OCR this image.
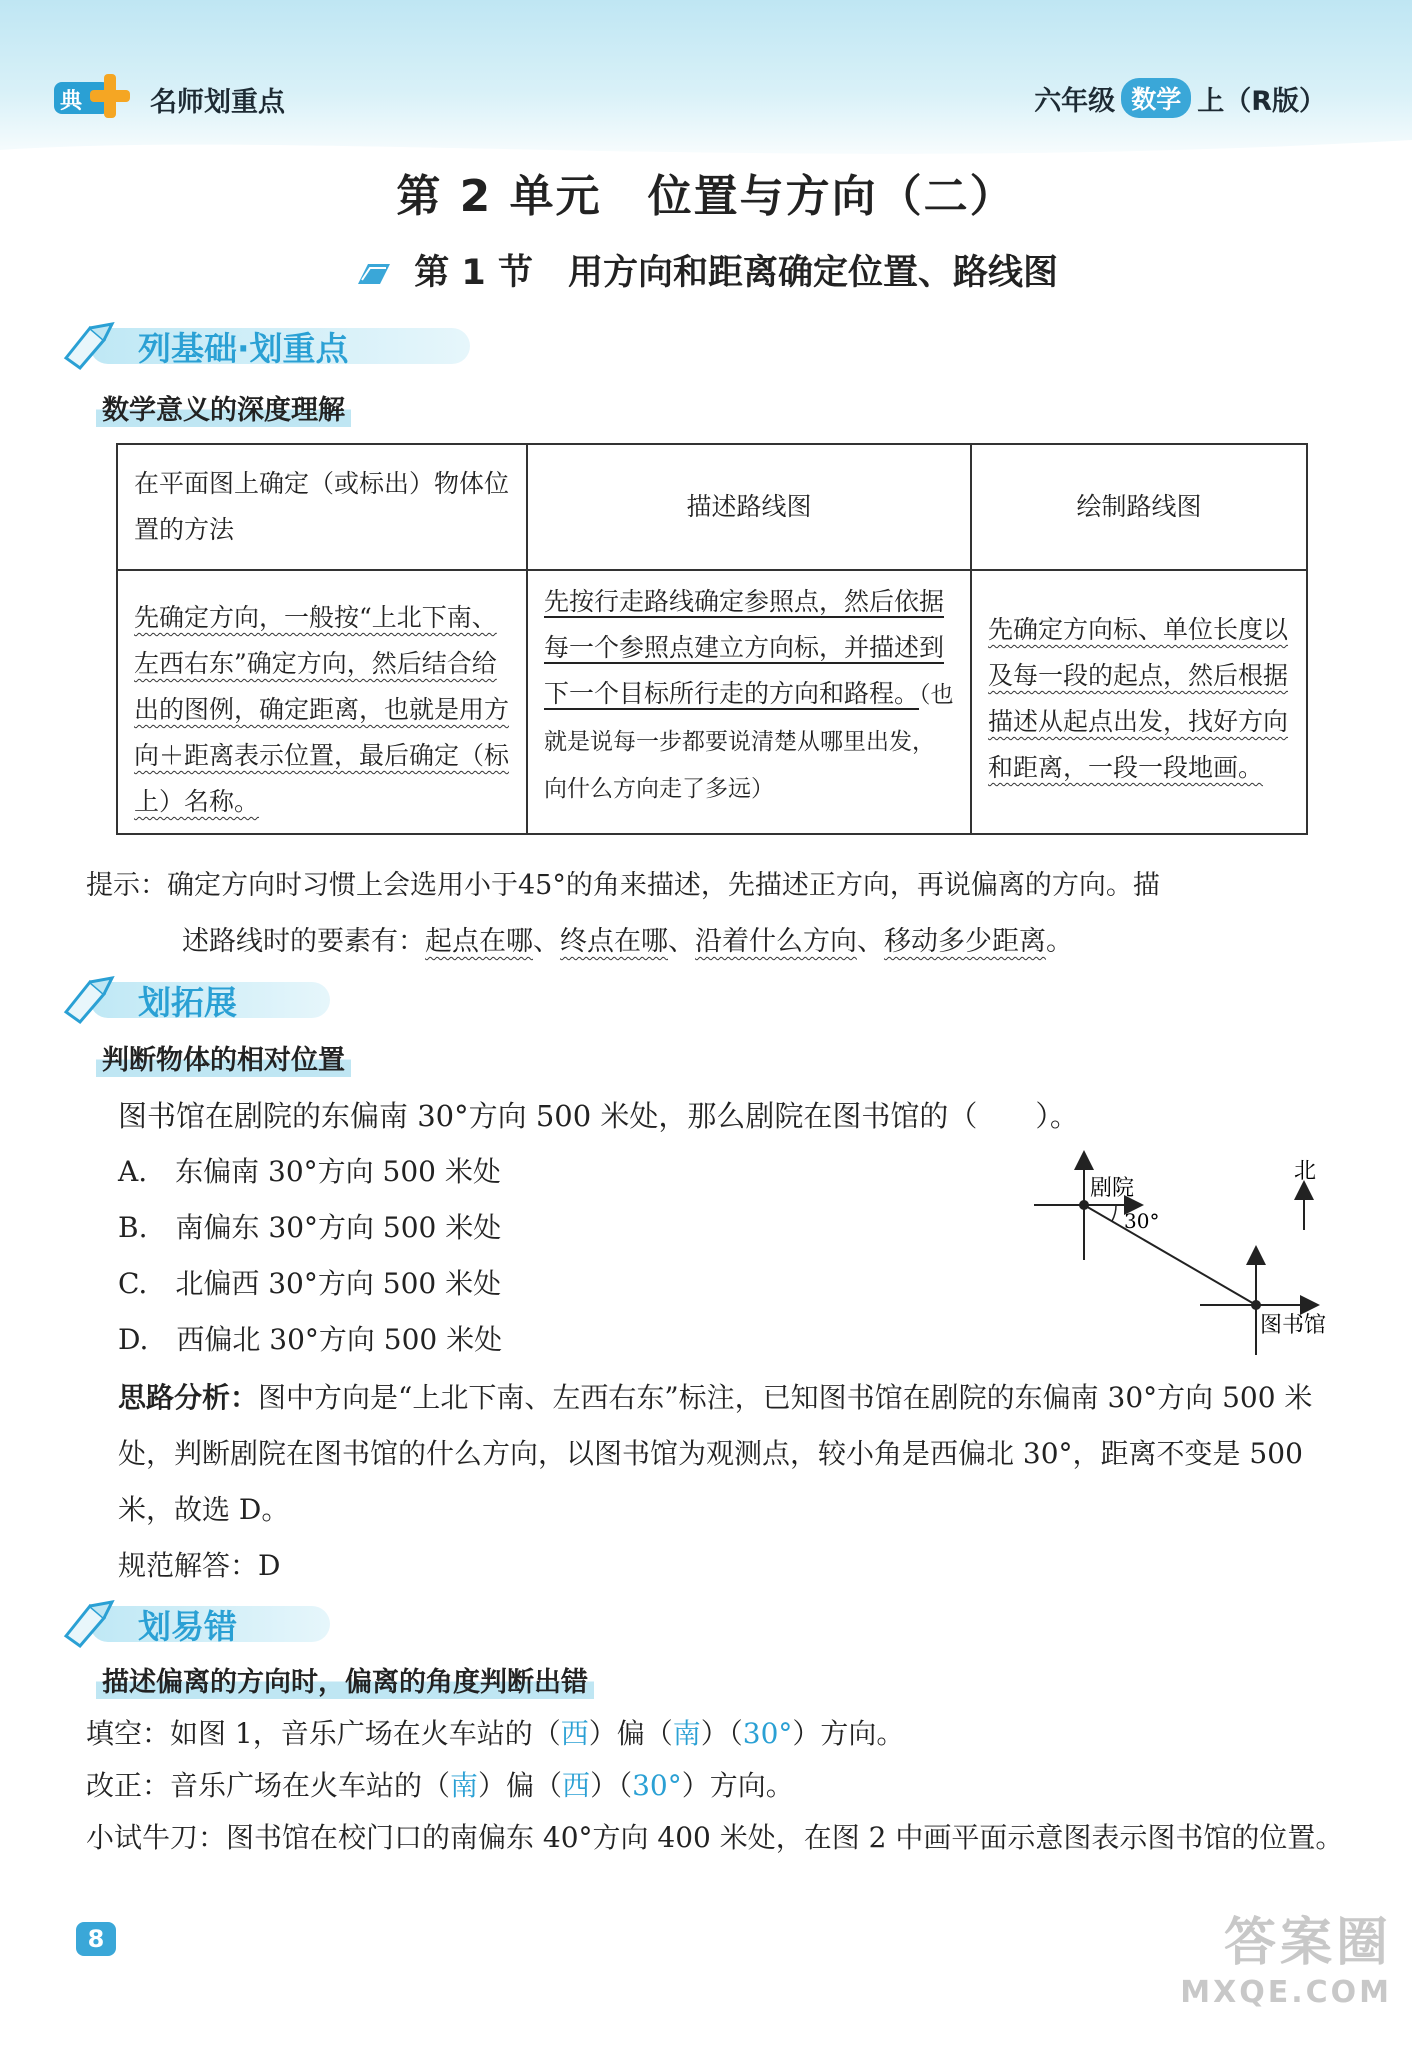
典	名师划重点	六年级 数学 上（R版）
第 2 单元　位置与方向（二）
第 1 节　用方向和距离确定位置、路线图
列基础·划重点
数学意义的深度理解
在平面图上确定（或标出）物体位置的方法	描述路线图	绘制路线图
先确定方向，一般按“上北下南、左西右东”确定方向，然后结合给出的图例，确定距离，也就是用方向＋距离表示位置，最后确定（标上）名称。	先按行走路线确定参照点，然后依据每一个参照点建立方向标，并描述到下一个目标所行走的方向和路程。（也就是说每一步都要说清楚从哪里出发，向什么方向走了多远）	先确定方向标、单位长度以及每一段的起点，然后根据描述从起点出发，找好方向和距离，一段一段地画。
提示：确定方向时习惯上会选用小于45°的角来描述，先描述正方向，再说偏离的方向。描
述路线时的要素有：起点在哪、终点在哪、沿着什么方向、移动多少距离。
划拓展
判断物体的相对位置
图书馆在剧院的东偏南 30°方向 500 米处，那么剧院在图书馆的（　　）。
A.　东偏南 30°方向 500 米处
B.　南偏东 30°方向 500 米处
C.　北偏西 30°方向 500 米处
D.　西偏北 30°方向 500 米处
剧院
30°
图书馆
北
思路分析：图中方向是“上北下南、左西右东”标注，已知图书馆在剧院的东偏南 30°方向 500 米处，判断剧院在图书馆的什么方向，以图书馆为观测点，较小角是西偏北 30°，距离不变是 500 米，故选 D。
规范解答：D
划易错
描述偏离的方向时，偏离的角度判断出错
填空：如图 1，音乐广场在火车站的（西）偏（南）（30°）方向。
改正：音乐广场在火车站的（南）偏（西）（30°）方向。
小试牛刀：图书馆在校门口的南偏东 40°方向 400 米处，在图 2 中画平面示意图表示图书馆的位置。
8	答案圈
MXQE.COM
